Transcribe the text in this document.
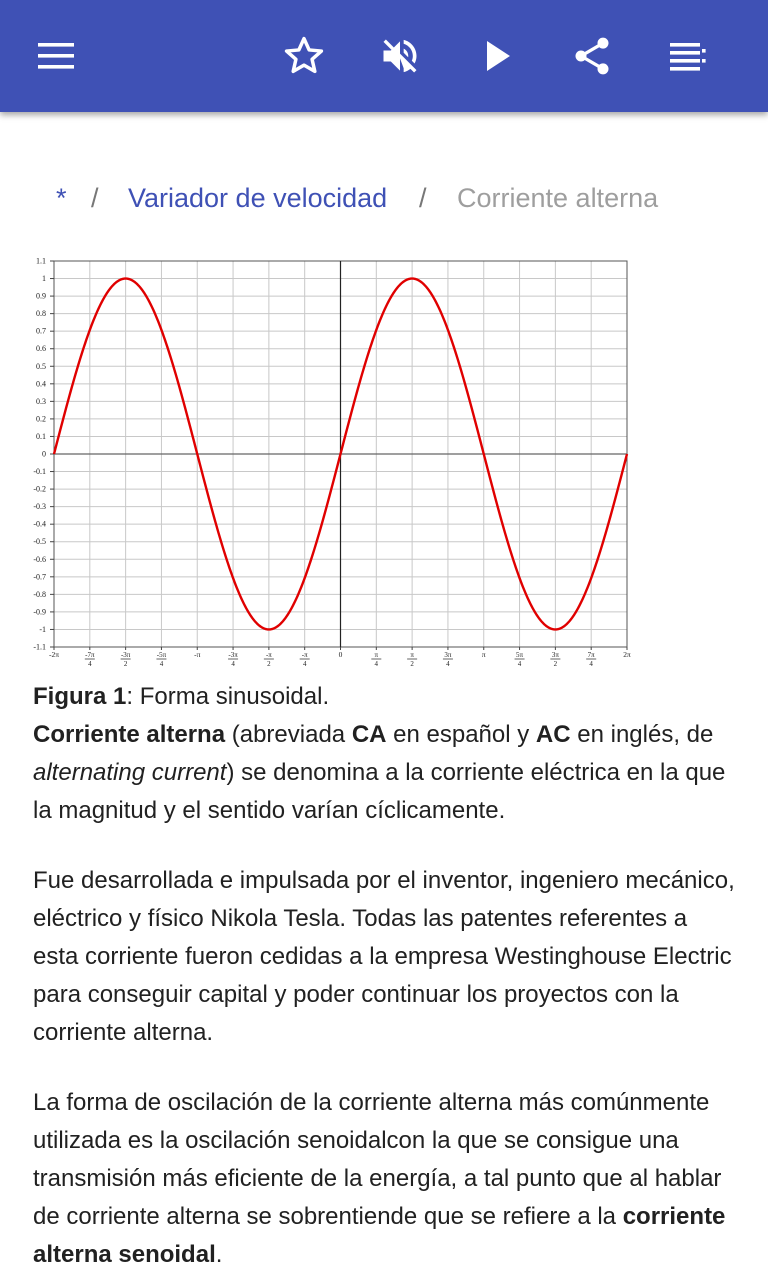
* / Variador de velocidad / Corriente alterna
1.1
1
0.9
0.8
0.7
0.6
0.5
0.4
0.3
0.2
0.1
0
-0.1
-0.2
-0.3
-0.4
-0.5
-0.6
-0.7
-0.8
-0.9
-1
-1.1
-2π	-7π
4
-3π
2
-5π
4
-π	-3π
4
-π
2
-π
4
0	π
4
π
2
3π
4
π	5π
4
3π
2
7π
4
2π

Figura 1: Forma sinusoidal.

Corriente alterna (abreviada CA en español y AC en inglés, de alternating current) se denomina a la corriente eléctrica en la que la magnitud y el sentido varían cíclicamente.

Fue desarrollada e impulsada por el inventor, ingeniero mecánico, eléctrico y físico Nikola Tesla. Todas las patentes referentes a esta corriente fueron cedidas a la empresa Westinghouse Electric para conseguir capital y poder continuar los proyectos con la corriente alterna.

La forma de oscilación de la corriente alterna más comúnmente utilizada es la oscilación senoidalcon la que se consigue una transmisión más eficiente de la energía, a tal punto que al hablar de corriente alterna se sobrentiende que se refiere a la corriente alterna senoidal.
